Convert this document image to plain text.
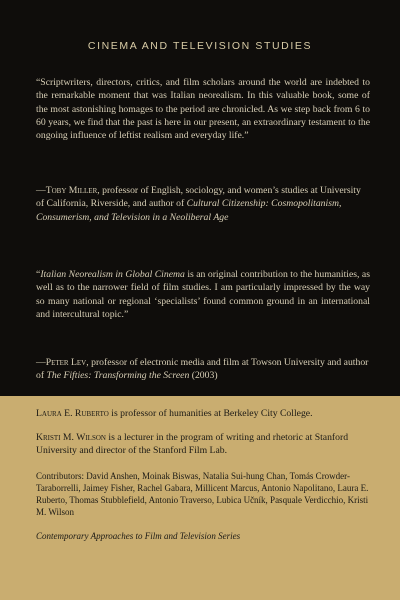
CINEMA AND TELEVISION STUDIES

“Scriptwriters, directors, critics, and film scholars around the world are indebted to the remarkable moment that was Italian neorealism. In this valuable book, some of the most astonishing homages to the period are chronicled. As we step back from 6 to 60 years, we find that the past is here in our present, an extraordinary testament to the ongoing influence of leftist realism and everyday life.”

—Toby Miller, professor of English, sociology, and women’s studies at University of California, Riverside, and author of Cultural Citizenship: Cosmopolitanism, Consumerism, and Television in a Neoliberal Age

“Italian Neorealism in Global Cinema is an original contribution to the humanities, as well as to the narrower field of film studies. I am particularly impressed by the way so many national or regional ‘specialists’ found common ground in an international and intercultural topic.”

—Peter Lev, professor of electronic media and film at Towson University and author of The Fifties: Transforming the Screen (2003)

Laura E. Ruberto is professor of humanities at Berkeley City College.

Kristi M. Wilson is a lecturer in the program of writing and rhetoric at Stanford University and director of the Stanford Film Lab.

Contributors: David Anshen, Moinak Biswas, Natalia Sui-hung Chan, Tomás Crowder-Taraborrelli, Jaimey Fisher, Rachel Gabara, Millicent Marcus, Antonio Napolitano, Laura E. Ruberto, Thomas Stubblefield, Antonio Traverso, Lubica Učník, Pasquale Verdicchio, Kristi M. Wilson

Contemporary Approaches to Film and Television Series
